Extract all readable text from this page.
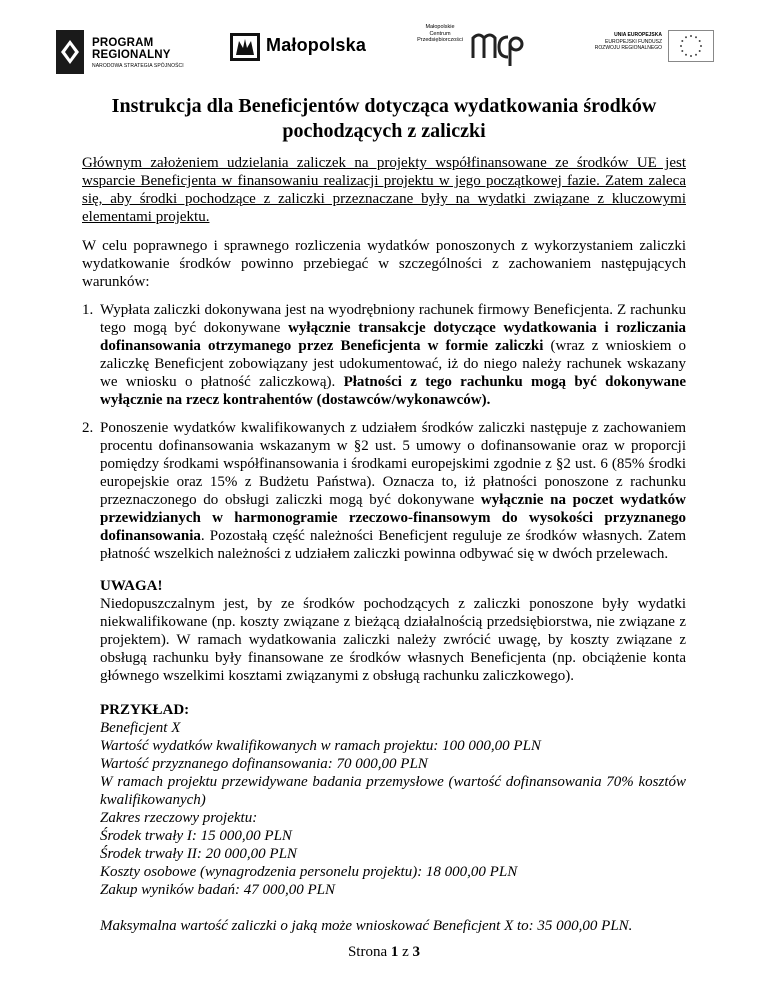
PROGRAM
REGIONALNY
NARODOWA STRATEGIA SPÓJNOŚCI
Małopolska
Małopolskie
Centrum
Przedsiębiorczości
UNIA EUROPEJSKA
EUROPEJSKI FUNDUSZ
ROZWOJU REGIONALNEGO
Instrukcja dla Beneficjentów dotycząca wydatkowania środków
pochodzących z zaliczki

Głównym założeniem udzielania zaliczek na projekty współfinansowane ze środków UE jest wsparcie Beneficjenta w finansowaniu realizacji projektu w jego początkowej fazie. Zatem zaleca się, aby środki pochodzące z zaliczki przeznaczane były na wydatki związane z kluczowymi elementami projektu.

W celu poprawnego i sprawnego rozliczenia wydatków ponoszonych z wykorzystaniem zaliczki wydatkowanie środków powinno przebiegać w szczególności z zachowaniem następujących warunków:

1. Wypłata zaliczki dokonywana jest na wyodrębniony rachunek firmowy Beneficjenta. Z rachunku tego mogą być dokonywane wyłącznie transakcje dotyczące wydatkowania i rozliczania dofinansowania otrzymanego przez Beneficjenta w formie zaliczki (wraz z wnioskiem o zaliczkę Beneficjent zobowiązany jest udokumentować, iż do niego należy rachunek wskazany we wniosku o płatność zaliczkową). Płatności z tego rachunku mogą być dokonywane wyłącznie na rzecz kontrahentów (dostawców/wykonawców).
2. Ponoszenie wydatków kwalifikowanych z udziałem środków zaliczki następuje z zachowaniem procentu dofinansowania wskazanym w §2 ust. 5 umowy o dofinansowanie oraz w proporcji pomiędzy środkami współfinansowania i środkami europejskimi zgodnie z §2 ust. 6 (85% środki europejskie oraz 15% z Budżetu Państwa). Oznacza to, iż płatności ponoszone z rachunku przeznaczonego do obsługi zaliczki mogą być dokonywane wyłącznie na poczet wydatków przewidzianych w harmonogramie rzeczowo-finansowym do wysokości przyznanego dofinansowania. Pozostałą część należności Beneficjent reguluje ze środków własnych. Zatem płatność wszelkich należności z udziałem zaliczki powinna odbywać się w dwóch przelewach.

UWAGA!

Niedopuszczalnym jest, by ze środków pochodzących z zaliczki ponoszone były wydatki niekwalifikowane (np. koszty związane z bieżącą działalnością przedsiębiorstwa, nie związane z projektem). W ramach wydatkowania zaliczki należy zwrócić uwagę, by koszty związane z obsługą rachunku były finansowane ze środków własnych Beneficjenta (np. obciążenie konta głównego wszelkimi kosztami związanymi z obsługą rachunku zaliczkowego).

PRZYKŁAD:

Beneficjent X

Wartość wydatków kwalifikowanych w ramach projektu: 100 000,00 PLN

Wartość przyznanego dofinansowania: 70 000,00 PLN

W ramach projektu przewidywane badania przemysłowe (wartość dofinansowania 70% kosztów kwalifikowanych)

Zakres rzeczowy projektu:

Środek trwały I: 15 000,00 PLN

Środek trwały II: 20 000,00 PLN

Koszty osobowe (wynagrodzenia personelu projektu): 18 000,00 PLN

Zakup wyników badań: 47 000,00 PLN

Maksymalna wartość zaliczki o jaką może wnioskować Beneficjent X to: 35 000,00 PLN.

Strona 1 z 3
